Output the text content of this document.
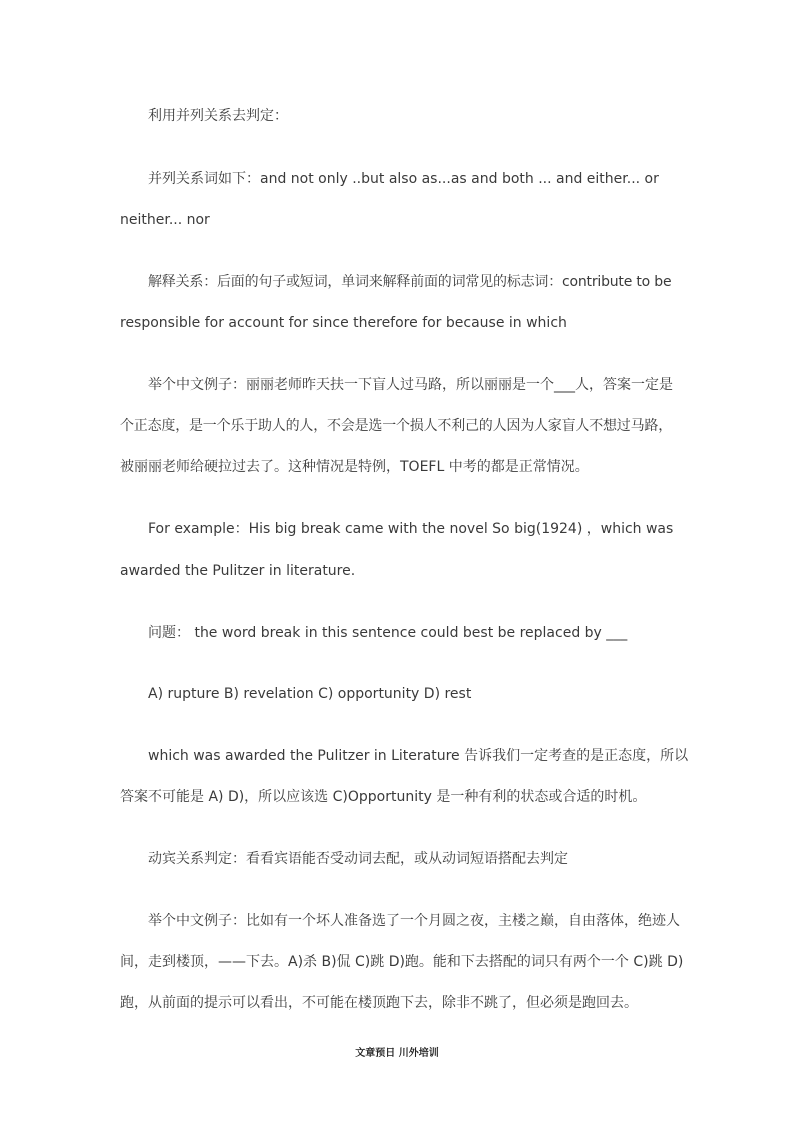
利用并列关系去判定：
并列关系词如下：and not only ..but also as...as and both ... and either... or
neither... nor
解释关系：后面的句子或短词，单词来解释前面的词常见的标志词：contribute to be
responsible for account for since therefore for because in which
举个中文例子：丽丽老师昨天扶一下盲人过马路，所以丽丽是一个___人，答案一定是
个正态度，是一个乐于助人的人，不会是选一个损人不利己的人因为人家盲人不想过马路，
被丽丽老师给硬拉过去了。这种情况是特例，TOEFL 中考的都是正常情况。
For example：His big break came with the novel So big(1924) ，which was
awarded the Pulitzer in literature.
问题： the word break in this sentence could best be replaced by ___
A) rupture B) revelation C) opportunity D) rest
which was awarded the Pulitzer in Literature 告诉我们一定考查的是正态度，所以
答案不可能是 A) D)，所以应该选 C)Opportunity 是一种有利的状态或合适的时机。
动宾关系判定：看看宾语能否受动词去配，或从动词短语搭配去判定
举个中文例子：比如有一个坏人准备选了一个月圆之夜，主楼之巅，自由落体，绝迹人
间，走到楼顶，——下去。A)杀 B)侃 C)跳 D)跑。能和下去搭配的词只有两个一个 C)跳 D)
跑，从前面的提示可以看出，不可能在楼顶跑下去，除非不跳了，但必须是跑回去。
文章预日 川外培训
